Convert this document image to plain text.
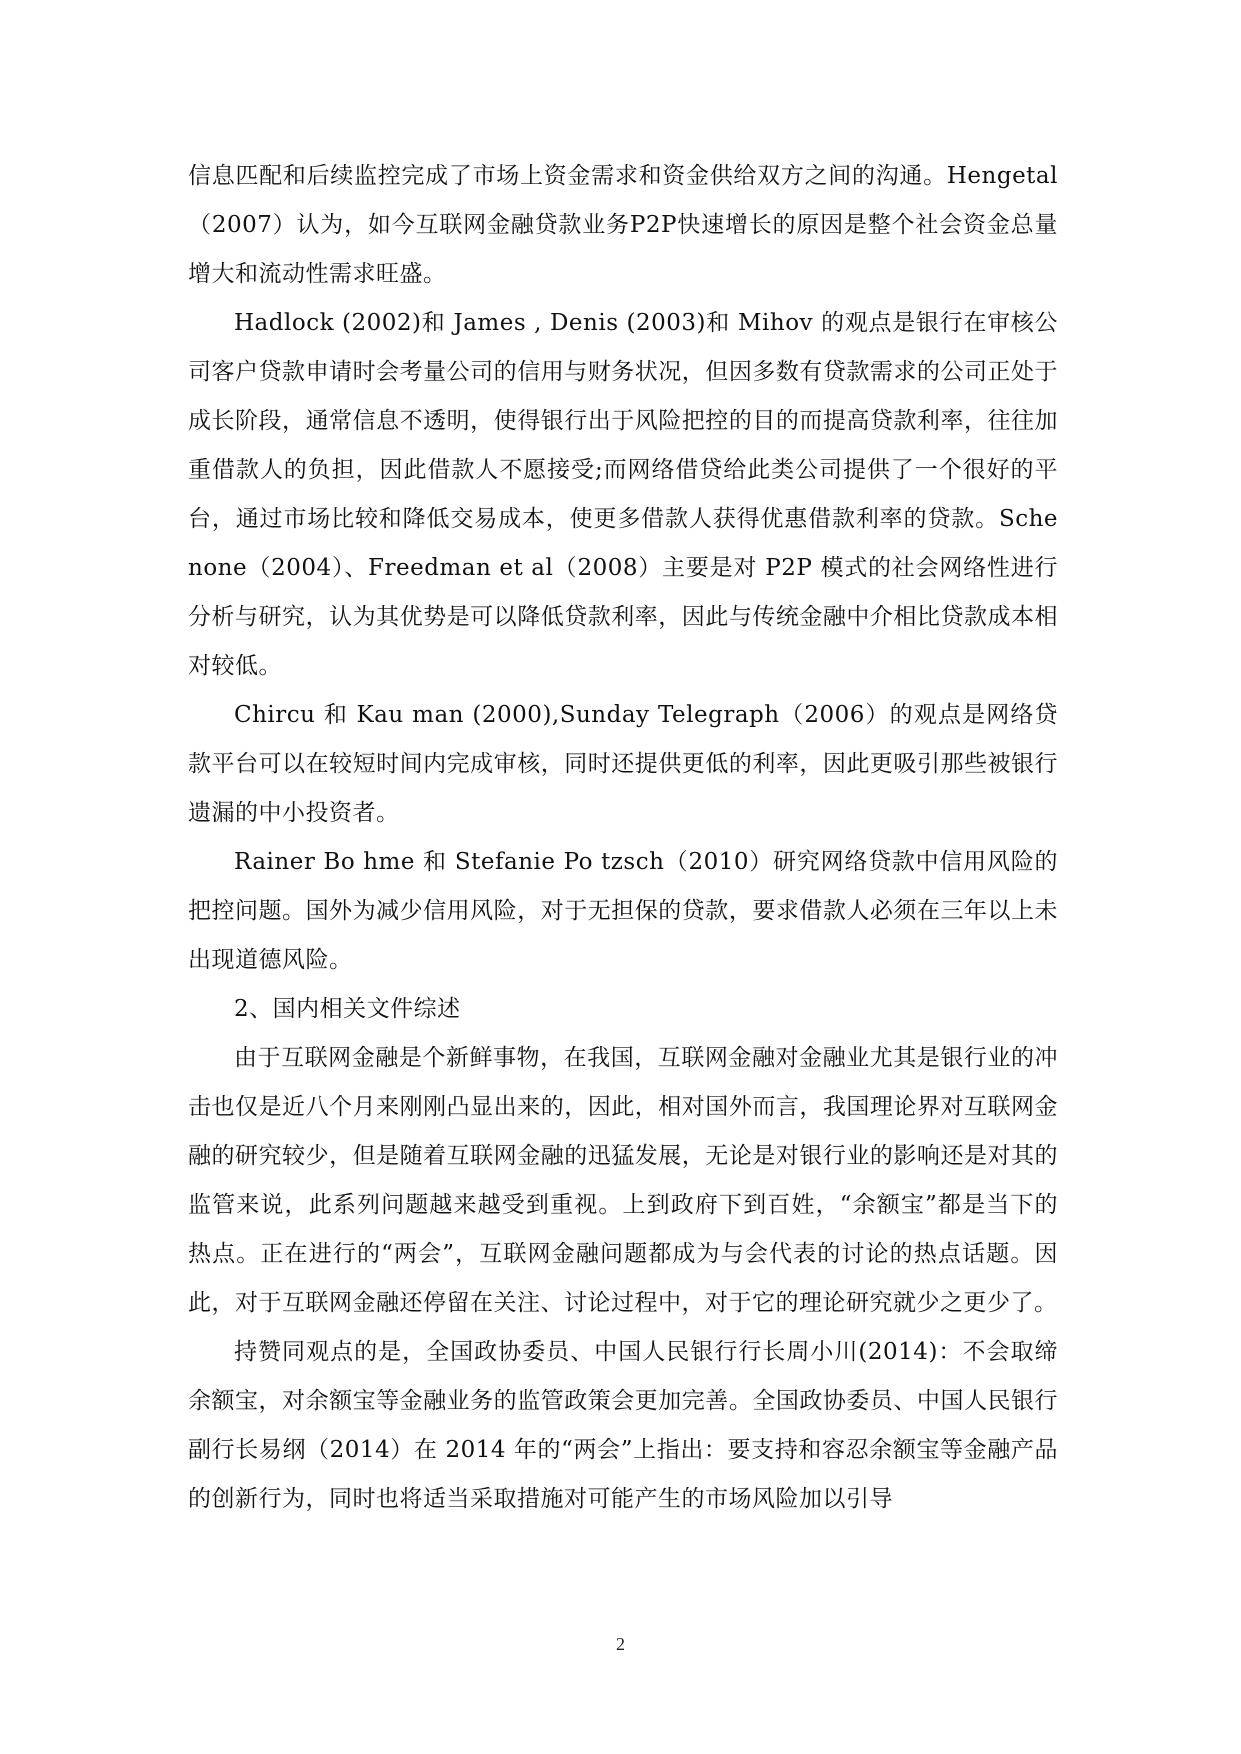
信息匹配和后续监控完成了市场上资金需求和资金供给双方之间的沟通。Hengetal（2007）认为，如今互联网金融贷款业务P2P快速增长的原因是整个社会资金总量增大和流动性需求旺盛。

Hadlock (2002)和 James , Denis (2003)和 Mihov 的观点是银行在审核公司客户贷款申请时会考量公司的信用与财务状况，但因多数有贷款需求的公司正处于成长阶段，通常信息不透明，使得银行出于风险把控的目的而提高贷款利率，往往加重借款人的负担，因此借款人不愿接受;而网络借贷给此类公司提供了一个很好的平台，通过市场比较和降低交易成本，使更多借款人获得优惠借款利率的贷款。Schenone（2004）、Freedman et al（2008）主要是对 P2P 模式的社会网络性进行分析与研究，认为其优势是可以降低贷款利率，因此与传统金融中介相比贷款成本相对较低。

Chircu 和 Kau man (2000),Sunday Telegraph（2006）的观点是网络贷款平台可以在较短时间内完成审核，同时还提供更低的利率，因此更吸引那些被银行遗漏的中小投资者。

Rainer Bo hme 和 Stefanie Po tzsch（2010）研究网络贷款中信用风险的把控问题。国外为减少信用风险，对于无担保的贷款，要求借款人必须在三年以上未出现道德风险。

2、国内相关文件综述

由于互联网金融是个新鲜事物，在我国，互联网金融对金融业尤其是银行业的冲击也仅是近八个月来刚刚凸显出来的，因此，相对国外而言，我国理论界对互联网金融的研究较少，但是随着互联网金融的迅猛发展，无论是对银行业的影响还是对其的监管来说，此系列问题越来越受到重视。上到政府下到百姓，“余额宝”都是当下的热点。正在进行的“两会”，互联网金融问题都成为与会代表的讨论的热点话题。因此，对于互联网金融还停留在关注、讨论过程中，对于它的理论研究就少之更少了。

持赞同观点的是，全国政协委员、中国人民银行行长周小川(2014)：不会取缔余额宝，对余额宝等金融业务的监管政策会更加完善。全国政协委员、中国人民银行副行长易纲（2014）在 2014 年的“两会”上指出：要支持和容忍余额宝等金融产品的创新行为，同时也将适当采取措施对可能产生的市场风险加以引导

2
